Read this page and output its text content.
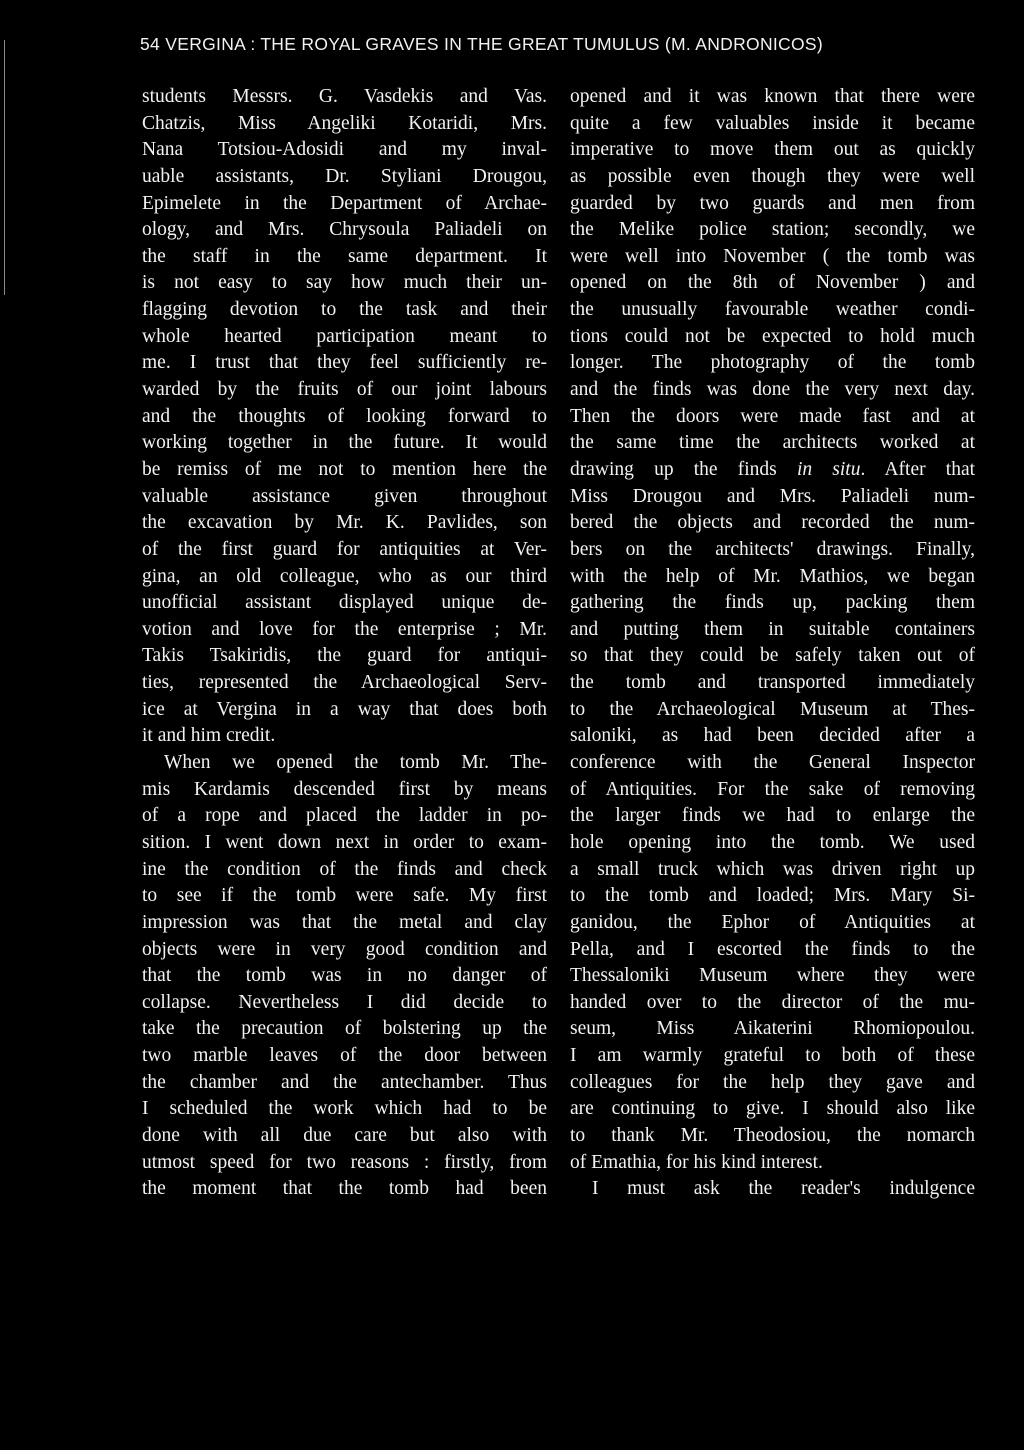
54 VERGINA : THE ROYAL GRAVES IN THE GREAT TUMULUS (M. ANDRONICOS)
students Messrs. G. Vasdekis and Vas.
Chatzis, Miss Angeliki Kotaridi, Mrs.
Nana Totsiou-Adosidi and my inval-
uable assistants, Dr. Styliani Drougou,
Epimelete in the Department of Archae-
ology, and Mrs. Chrysoula Paliadeli on
the staff in the same department. It
is not easy to say how much their un-
flagging devotion to the task and their
whole hearted participation meant to
me. I trust that they feel sufficiently re-
warded by the fruits of our joint labours
and the thoughts of looking forward to
working together in the future. It would
be remiss of me not to mention here the
valuable assistance given throughout
the excavation by Mr. K. Pavlides, son
of the first guard for antiquities at Ver-
gina, an old colleague, who as our third
unofficial assistant displayed unique de-
votion and love for the enterprise ; Mr.
Takis Tsakiridis, the guard for antiqui-
ties, represented the Archaeological Serv-
ice at Vergina in a way that does both
it and him credit.
When we opened the tomb Mr. The-
mis Kardamis descended first by means
of a rope and placed the ladder in po-
sition. I went down next in order to exam-
ine the condition of the finds and check
to see if the tomb were safe. My first
impression was that the metal and clay
objects were in very good condition and
that the tomb was in no danger of
collapse. Nevertheless I did decide to
take the precaution of bolstering up the
two marble leaves of the door between
the chamber and the antechamber. Thus
I scheduled the work which had to be
done with all due care but also with
utmost speed for two reasons : firstly, from
the moment that the tomb had been
opened and it was known that there were
quite a few valuables inside it became
imperative to move them out as quickly
as possible even though they were well
guarded by two guards and men from
the Melike police station; secondly, we
were well into November ( the tomb was
opened on the 8th of November ) and
the unusually favourable weather condi-
tions could not be expected to hold much
longer. The photography of the tomb
and the finds was done the very next day.
Then the doors were made fast and at
the same time the architects worked at
drawing up the finds in situ. After that
Miss Drougou and Mrs. Paliadeli num-
bered the objects and recorded the num-
bers on the architects' drawings. Finally,
with the help of Mr. Mathios, we began
gathering the finds up, packing them
and putting them in suitable containers
so that they could be safely taken out of
the tomb and transported immediately
to the Archaeological Museum at Thes-
saloniki, as had been decided after a
conference with the General Inspector
of Antiquities. For the sake of removing
the larger finds we had to enlarge the
hole opening into the tomb. We used
a small truck which was driven right up
to the tomb and loaded; Mrs. Mary Si-
ganidou, the Ephor of Antiquities at
Pella, and I escorted the finds to the
Thessaloniki Museum where they were
handed over to the director of the mu-
seum, Miss Aikaterini Rhomiopoulou.
I am warmly grateful to both of these
colleagues for the help they gave and
are continuing to give. I should also like
to thank Mr. Theodosiou, the nomarch
of Emathia, for his kind interest.
I must ask the reader's indulgence
